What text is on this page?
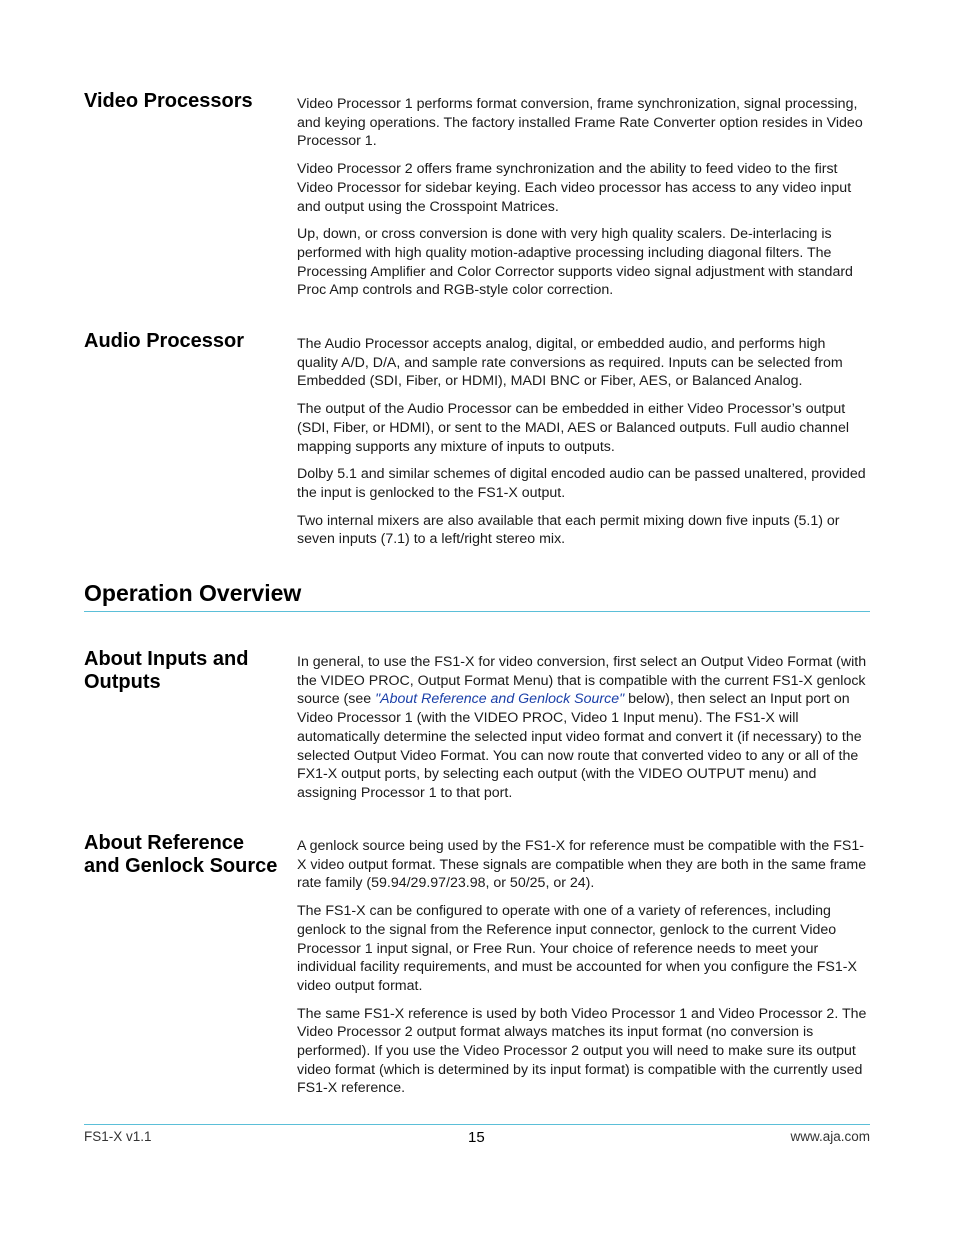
Video Processors	Video Processor 1 performs format conversion, frame synchronization, signal processing, and keying operations. The factory installed Frame Rate Converter option resides in Video Processor 1.

Video Processor 2 offers frame synchronization and the ability to feed video to the first Video Processor for sidebar keying. Each video processor has access to any video input and output using the Crosspoint Matrices.

Up, down, or cross conversion is done with very high quality scalers. De-interlacing is performed with high quality motion-adaptive processing including diagonal filters. The Processing Amplifier and Color Corrector supports video signal adjustment with standard Proc Amp controls and RGB-style color correction.

Audio Processor	The Audio Processor accepts analog, digital, or embedded audio, and performs high quality A/D, D/A, and sample rate conversions as required. Inputs can be selected from Embedded (SDI, Fiber, or HDMI), MADI BNC or Fiber, AES, or Balanced Analog.

The output of the Audio Processor can be embedded in either Video Processor’s output (SDI, Fiber, or HDMI), or sent to the MADI, AES or Balanced outputs. Full audio channel mapping supports any mixture of inputs to outputs.

Dolby 5.1 and similar schemes of digital encoded audio can be passed unaltered, provided the input is genlocked to the FS1-X output.

Two internal mixers are also available that each permit mixing down five inputs (5.1) or seven inputs (7.1) to a left/right stereo mix.

Operation Overview
About Inputs and
Outputs

In general, to use the FS1-X for video conversion, first select an Output Video Format (with the VIDEO PROC, Output Format Menu) that is compatible with the current FS1-X genlock source (see "About Reference and Genlock Source" below), then select an Input port on Video Processor 1 (with the VIDEO PROC, Video 1 Input menu). The FS1-X will automatically determine the selected input video format and convert it (if necessary) to the selected Output Video Format. You can now route that converted video to any or all of the FX1-X output ports, by selecting each output (with the VIDEO OUTPUT menu) and assigning Processor 1 to that port.

About Reference
and Genlock Source

A genlock source being used by the FS1-X for reference must be compatible with the FS1-X video output format. These signals are compatible when they are both in the same frame rate family (59.94/29.97/23.98, or 50/25, or 24).

The FS1-X can be configured to operate with one of a variety of references, including genlock to the signal from the Reference input connector, genlock to the current Video Processor 1 input signal, or Free Run. Your choice of reference needs to meet your individual facility requirements, and must be accounted for when you configure the FS1-X video output format.

The same FS1-X reference is used by both Video Processor 1 and Video Processor 2. The Video Processor 2 output format always matches its input format (no conversion is performed). If you use the Video Processor 2 output you will need to make sure its output video format (which is determined by its input format) is compatible with the currently used FS1-X reference.

FS1-X v1.1	15	www.aja.com
